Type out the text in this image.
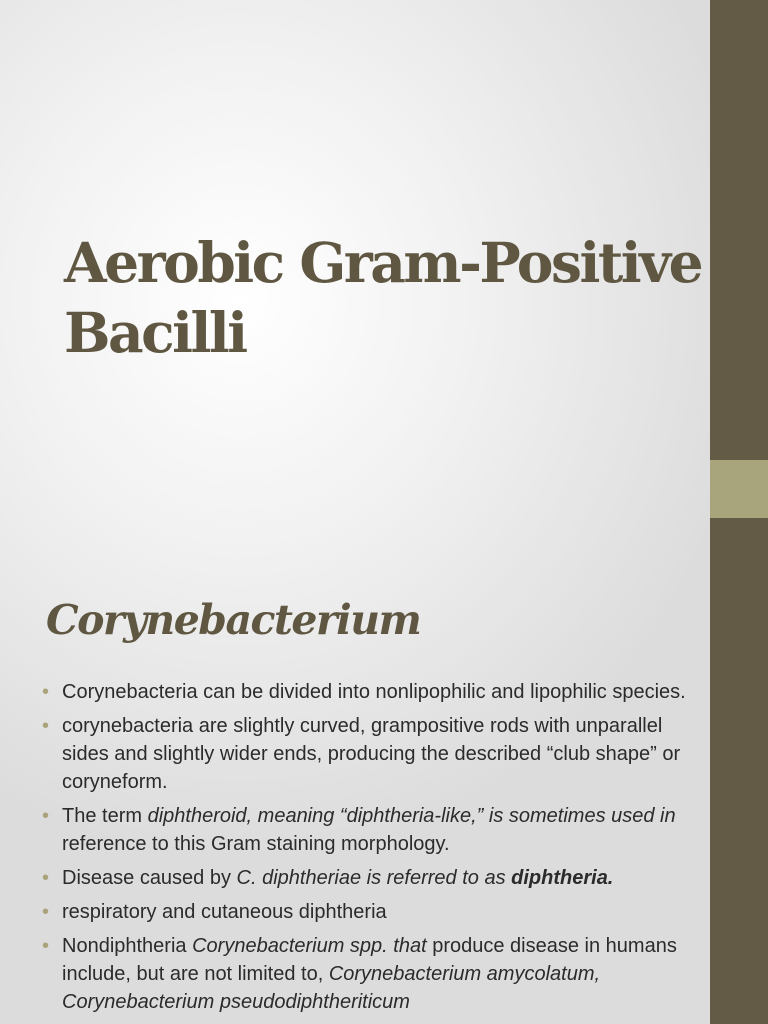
Aerobic Gram-Positive
Bacilli
Corynebacterium
• Corynebacteria can be divided into nonlipophilic and lipophilic species.
• corynebacteria are slightly curved, grampositive rods with unparallel sides and slightly wider ends, producing the described “club shape” or coryneform.
• The term diphtheroid, meaning “diphtheria-like,” is sometimes used in reference to this Gram staining morphology.
• Disease caused by C. diphtheriae is referred to as diphtheria.
• respiratory and cutaneous diphtheria
• Nondiphtheria Corynebacterium spp. that produce disease in humans include, but are not limited to, Corynebacterium amycolatum, Corynebacterium pseudodiphtheriticum
